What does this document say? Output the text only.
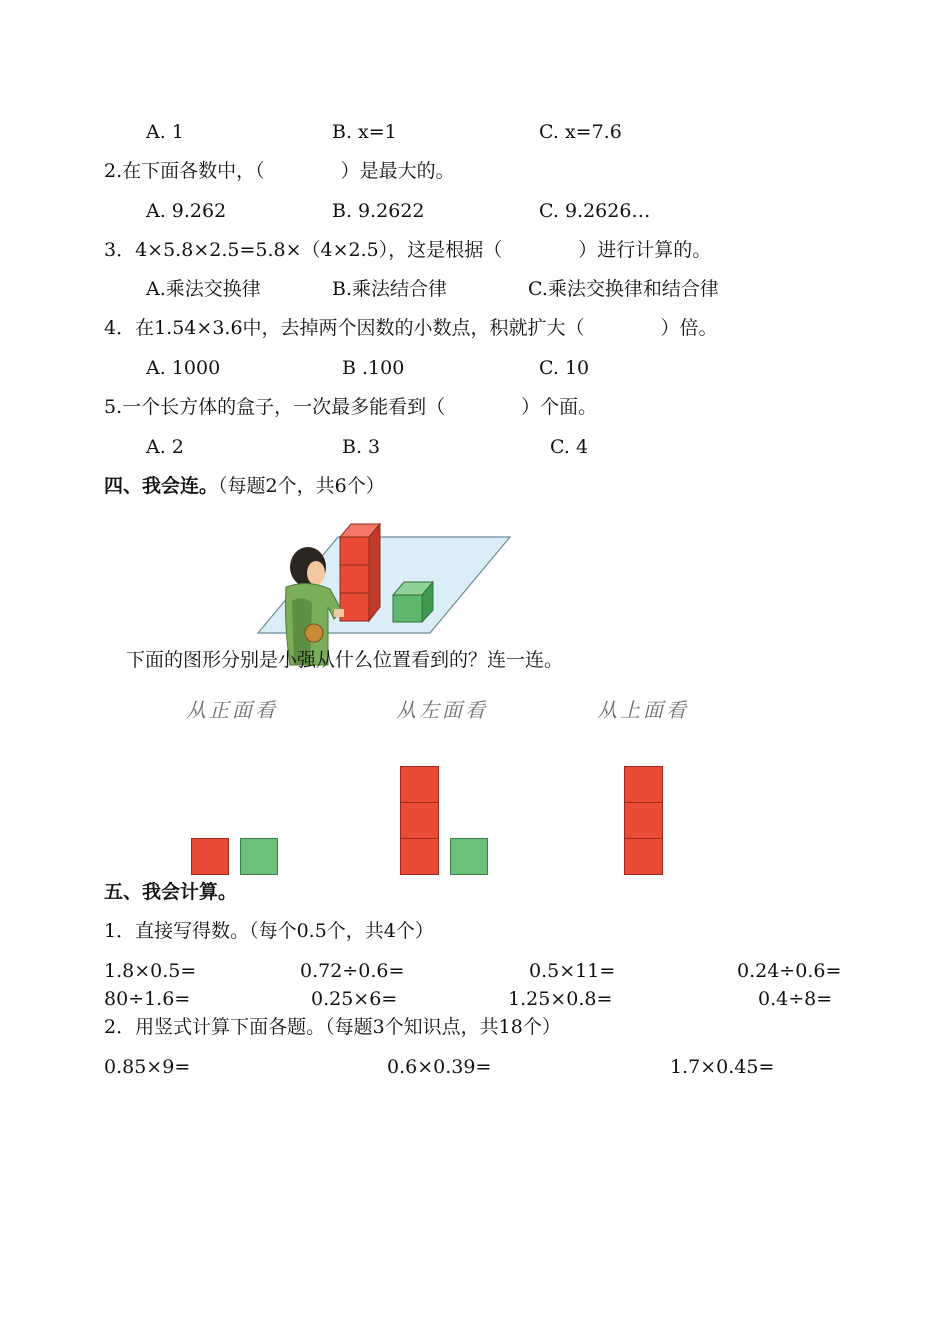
A. 1	B. x=1	C. x=7.6
2.在下面各数中，（　　　　）是最大的。
A. 9.262	B. 9.2622	C. 9.2626…
3．4×5.8×2.5=5.8×（4×2.5），这是根据（　　　　）进行计算的。
A.乘法交换律	B.乘法结合律	C.乘法交换律和结合律
4．在1.54×3.6中，去掉两个因数的小数点，积就扩大（　　　　）倍。
A. 1000	B .100	C. 10
5.一个长方体的盒子，一次最多能看到（　　　　）个面。
A. 2	B. 3	C. 4
四、我会连。（每题2个，共6个）
下面的图形分别是小强从什么位置看到的？连一连。
从正面看	从左面看	从上面看
五、我会计算。
1．直接写得数。（每个0.5个，共4个）
1.8×0.5=	0.72÷0.6=	0.5×11=	0.24÷0.6=
80÷1.6=	0.25×6=	1.25×0.8=	0.4÷8=
2．用竖式计算下面各题。（每题3个知识点，共18个）
0.85×9=	0.6×0.39=	1.7×0.45=
